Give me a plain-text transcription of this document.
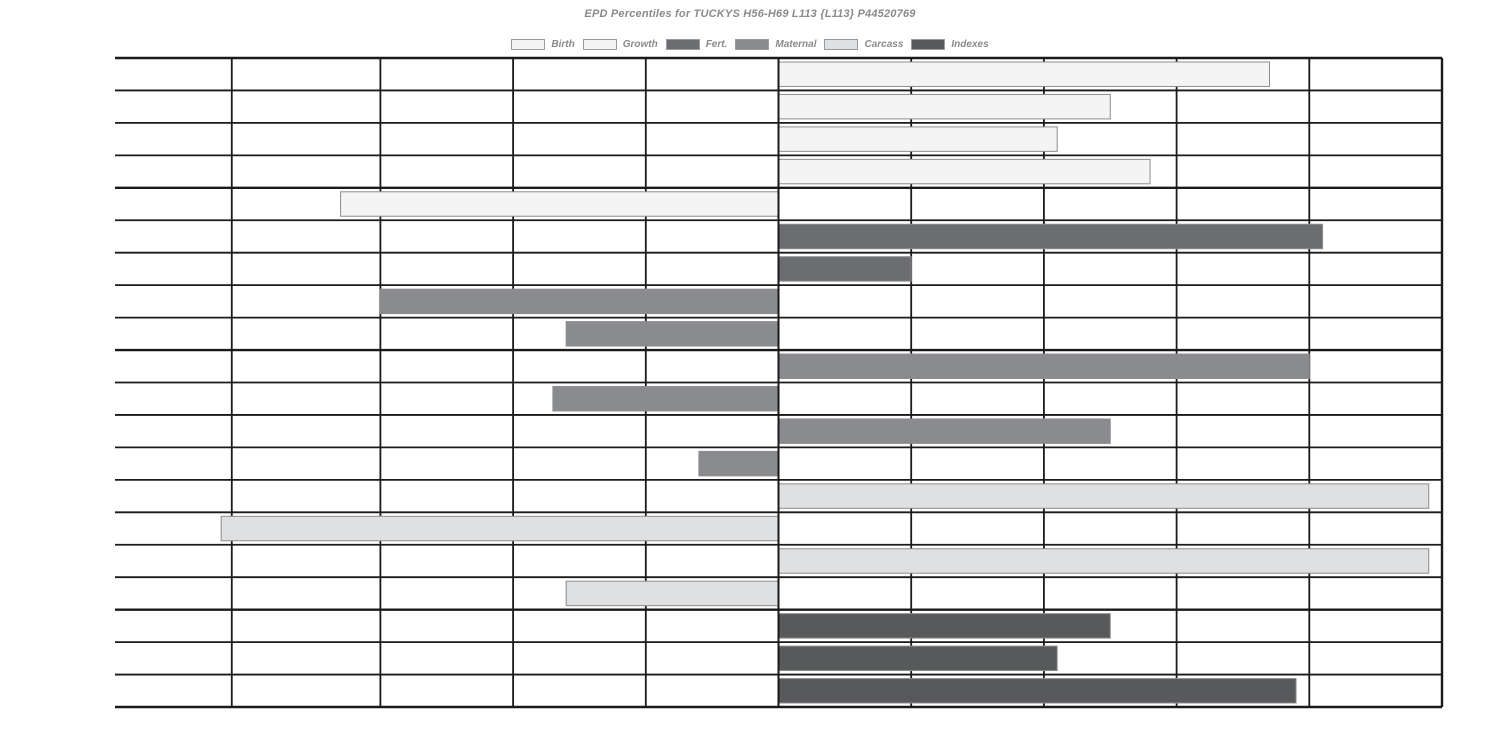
EPD Percentiles for TUCKYS H56-H69 L113 {L113} P44520769
Birth	Growth	Fert.	Maternal	Carcass	Indexes
